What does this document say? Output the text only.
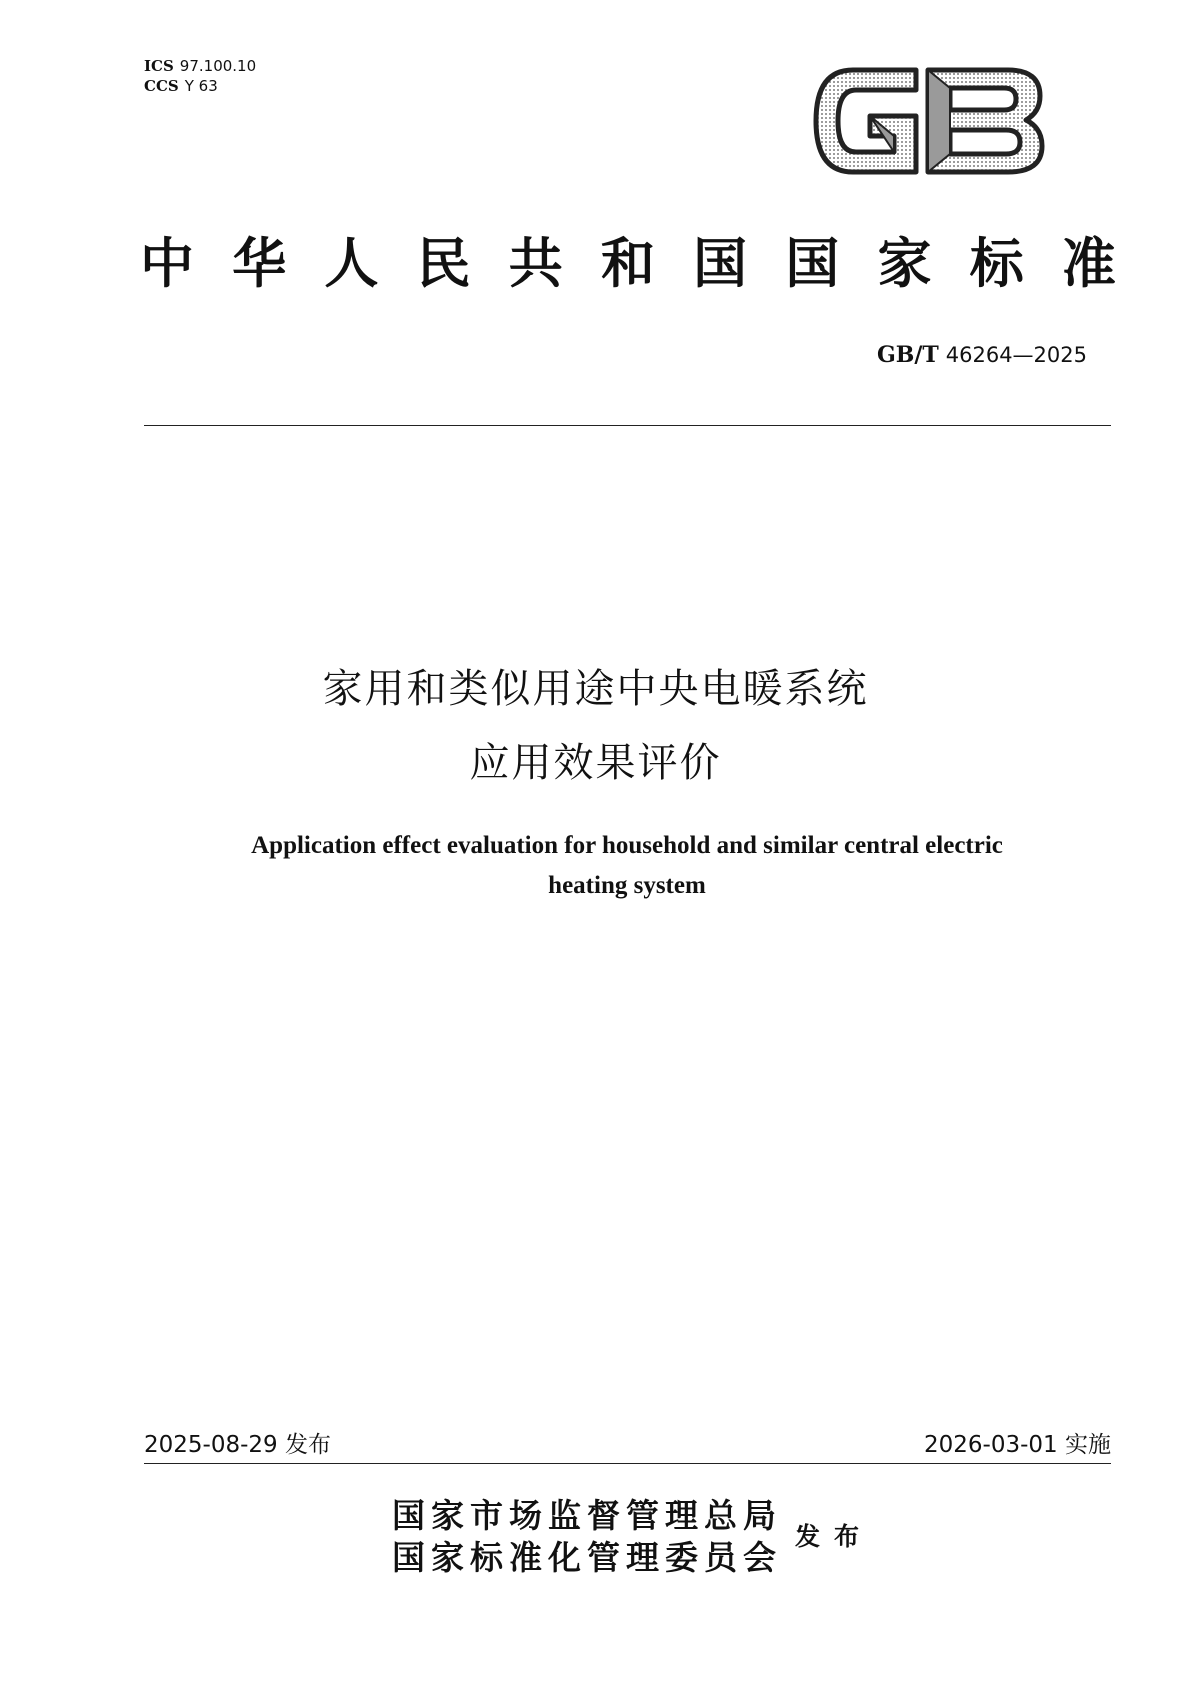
ICS 97.100.10
CCS Y 63
中 华 人 民 共 和 国 国 家 标 准
GB/T 46264—2025
家用和类似用途中央电暖系统
应用效果评价
Application effect evaluation for household and similar central electric
heating system
2025-08-29 发布	2026-03-01 实施
国家市场监督管理总局
国家标准化管理委员会
发布
